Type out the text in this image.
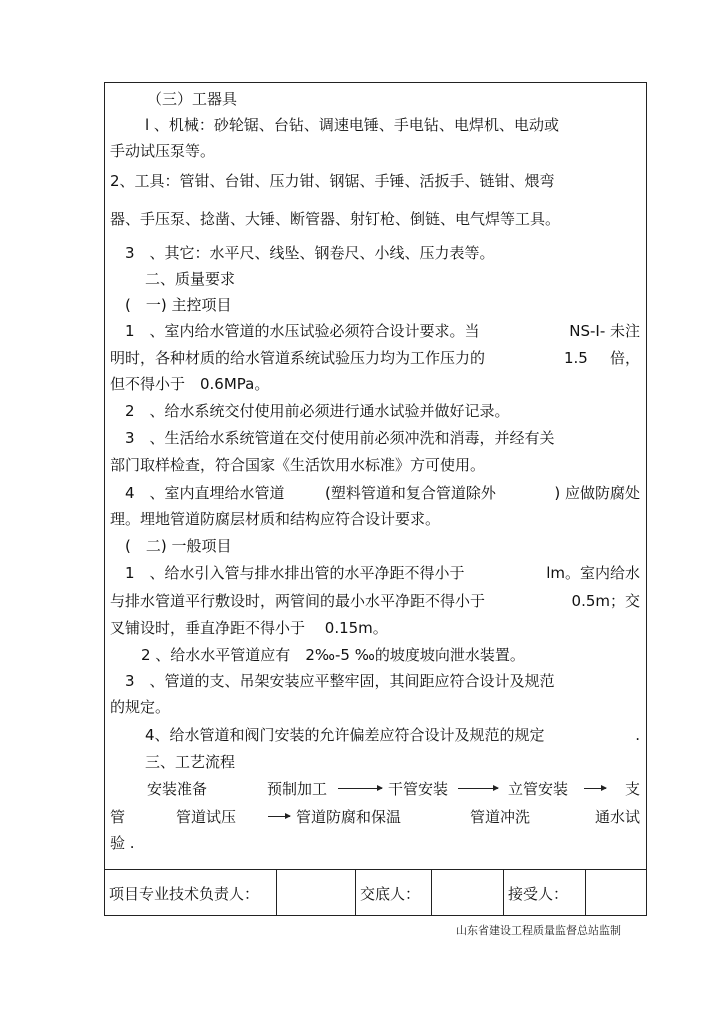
（三）工器具
l 、机械：砂轮锯、台钻、调速电锤、手电钻、电焊机、电动或
手动试压泵等。
2、工具：管钳、台钳、压力钳、钢锯、手锤、活扳手、链钳、煨弯
器、手压泵、捻凿、大锤、断管器、射钉枪、倒链、电气焊等工具。
3　、其它：水平尺、线坠、钢卷尺、小线、压力表等。
二、质量要求
(　一) 主控项目
1　、室内给水管道的水压试验必须符合设计要求。当	NS-I- 未注
明时，各种材质的给水管道系统试验压力均为工作压力的	1.5 倍，
但不得小于　0.6MPa。
2　、给水系统交付使用前必须进行通水试验并做好记录。
3　、生活给水系统管道在交付使用前必须冲洗和消毒，并经有关
部门取样检查，符合国家《生活饮用水标准》方可使用。
4　、室内直埋给水管道	(塑料管道和复合管道除外	) 应做防腐处
理。埋地管道防腐层材质和结构应符合设计要求。
(　二) 一般项目
1　、给水引入管与排水排出管的水平净距不得小于	lm。室内给水
与排水管道平行敷设时，两管间的最小水平净距不得小于	0.5m；交
叉铺设时，垂直净距不得小于　 0.15m。
2 、给水水平管道应有　2‰-5 ‰的坡度坡向泄水装置。
3　、管道的支、吊架安装应平整牢固，其间距应符合设计及规范
的规定。
4、给水管道和阀门安装的允许偏差应符合设计及规范的规定	.
三、工艺流程
安装准备	预制加工	干管安装	立管安装	支
管	管道试压	管道防腐和保温	管道冲洗	通水试
验 .
项目专业技术负责人：	交底人：	接受人：
山东省建设工程质量监督总站监制
